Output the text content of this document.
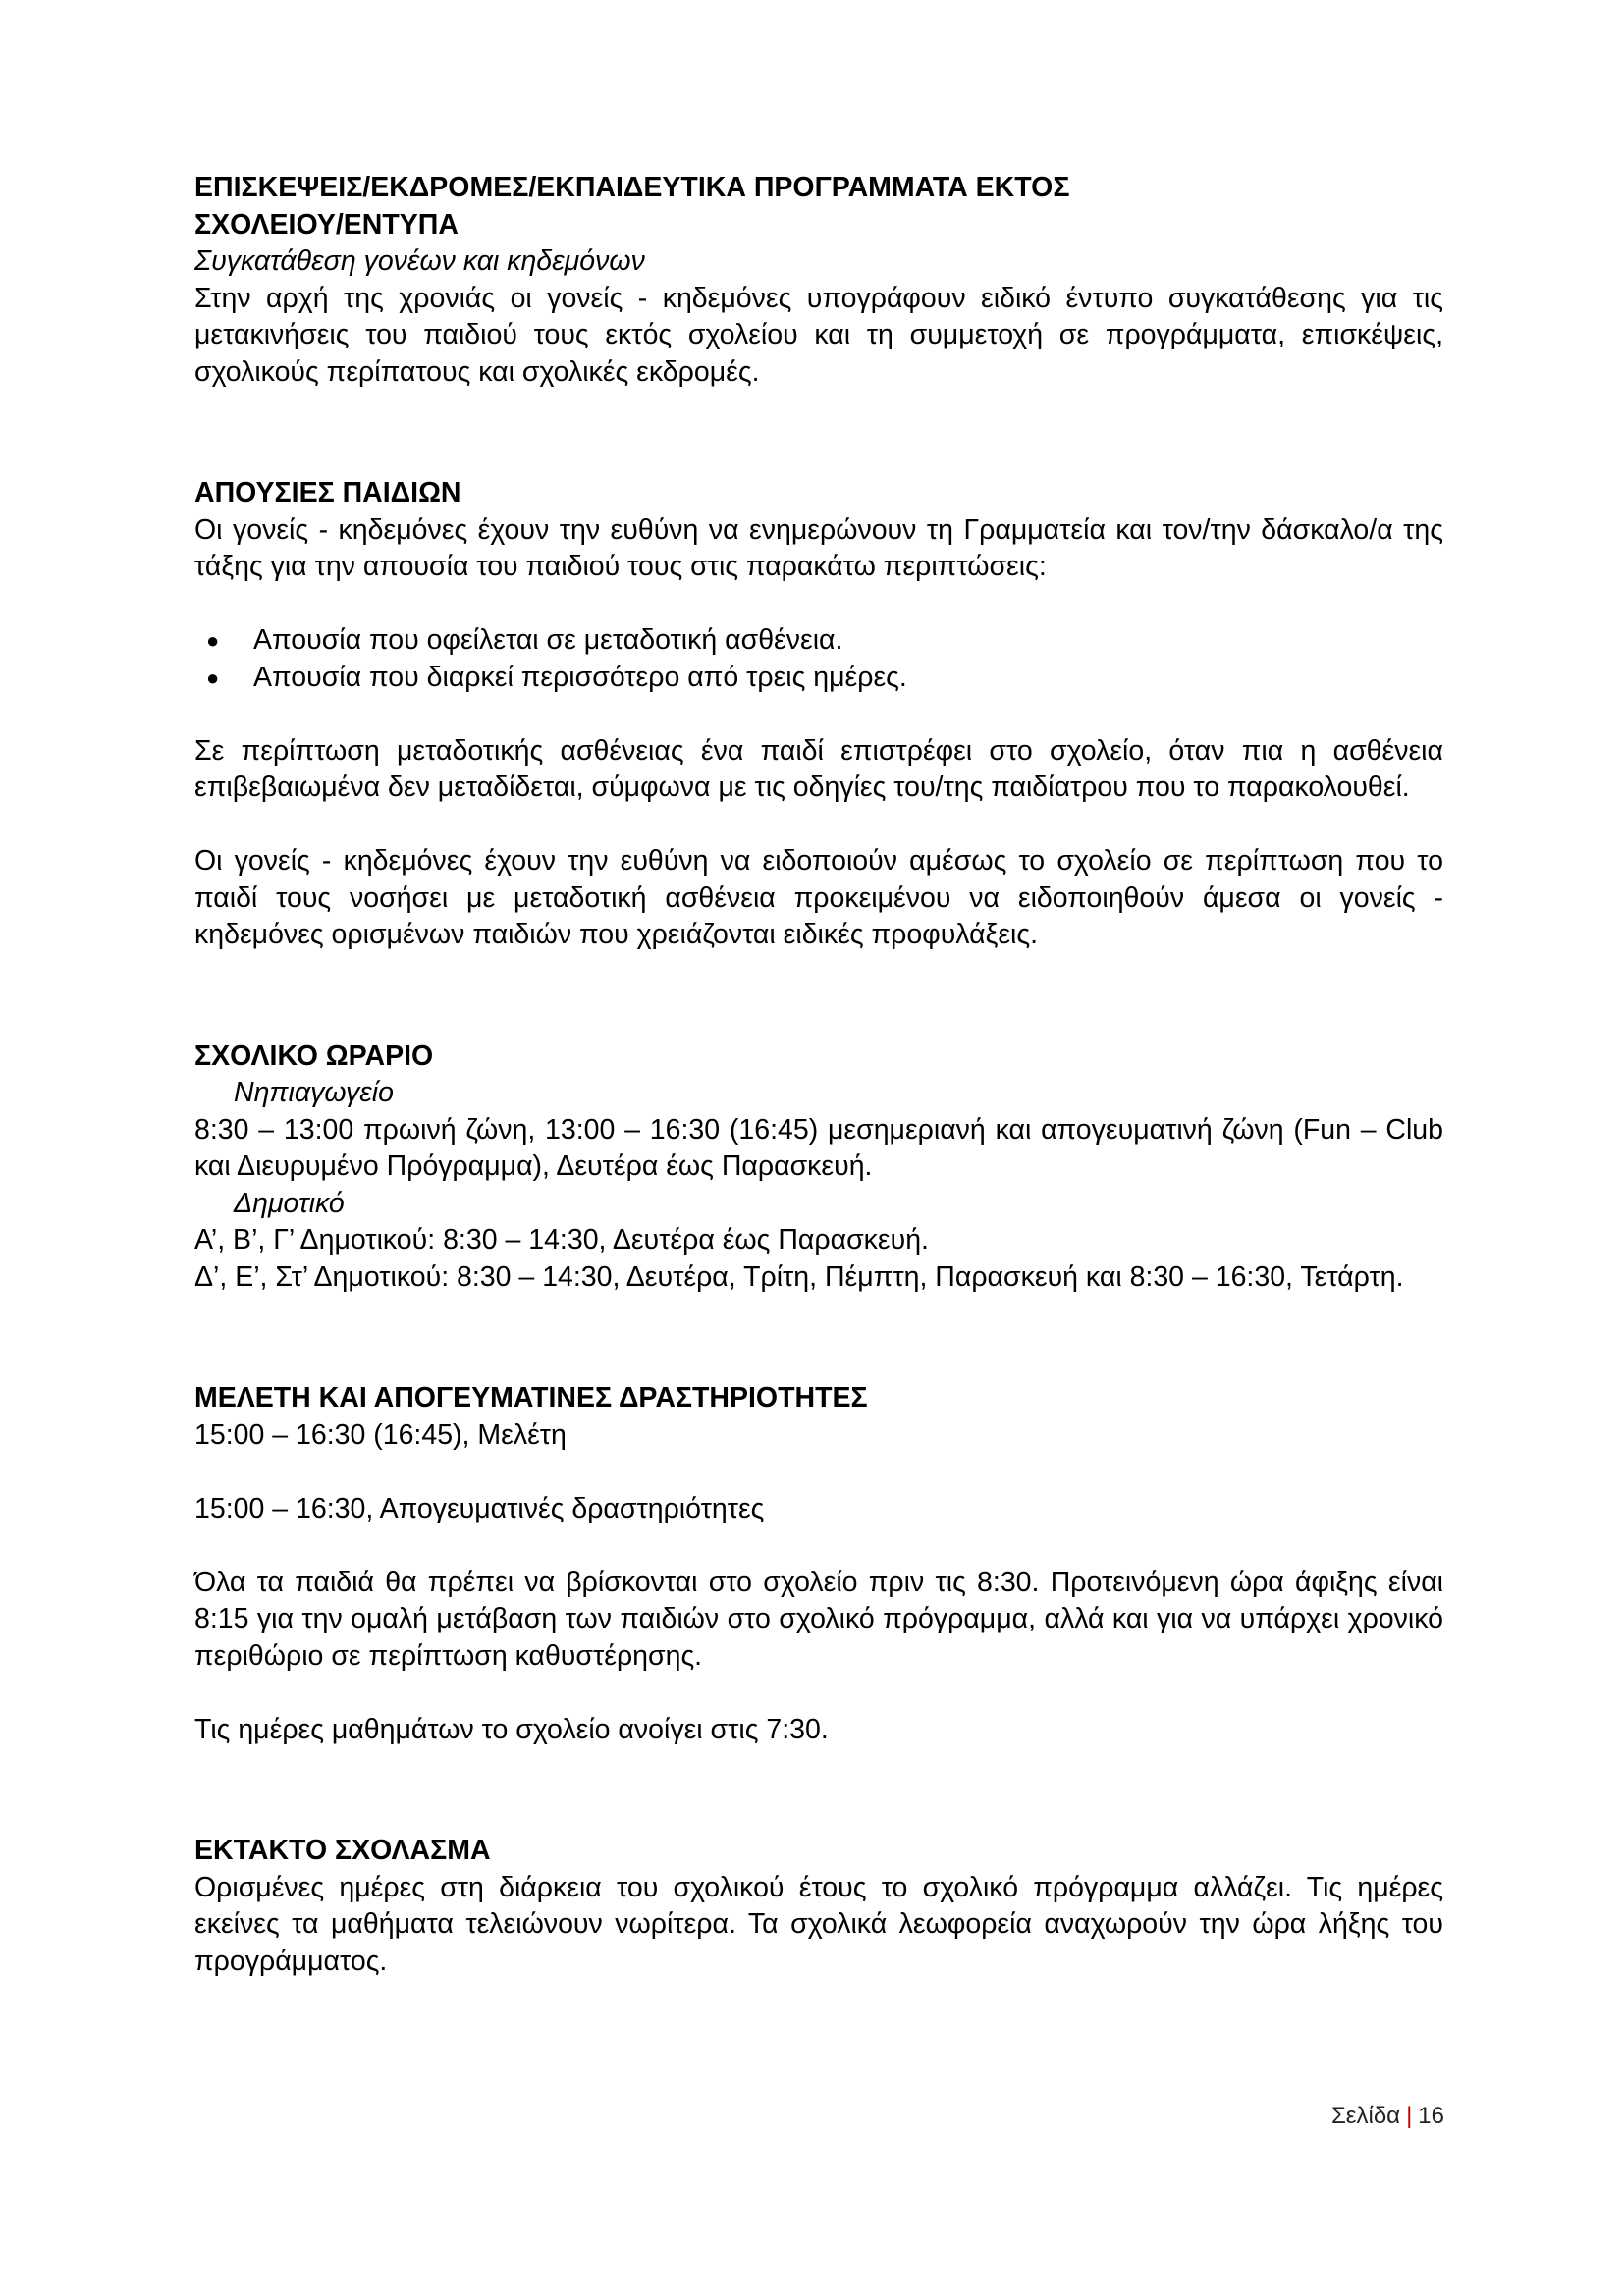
ΕΠΙΣΚΕΨΕΙΣ/ΕΚΔΡΟΜΕΣ/ΕΚΠΑΙΔΕΥΤΙΚΑ ΠΡΟΓΡΑΜΜΑΤΑ ΕΚΤΟΣ
ΣΧΟΛΕΙΟΥ/ΕΝΤΥΠΑ

Συγκατάθεση γονέων και κηδεμόνων

Στην αρχή της χρονιάς οι γονείς - κηδεμόνες υπογράφουν ειδικό έντυπο συγκατάθεσης για τις μετακινήσεις του παιδιού τους εκτός σχολείου και τη συμμετοχή σε προγράμματα, επισκέψεις, σχολικούς περίπατους και σχολικές εκδρομές.

ΑΠΟΥΣΙΕΣ ΠΑΙΔΙΩΝ

Οι γονείς - κηδεμόνες έχουν την ευθύνη να ενημερώνουν τη Γραμματεία και τον/την δάσκαλο/α της τάξης για την απουσία του παιδιού τους στις παρακάτω περιπτώσεις:

● Απουσία που οφείλεται σε μεταδοτική ασθένεια.
● Απουσία που διαρκεί περισσότερο από τρεις ημέρες.

Σε περίπτωση μεταδοτικής ασθένειας ένα παιδί επιστρέφει στο σχολείο, όταν πια η ασθένεια επιβεβαιωμένα δεν μεταδίδεται, σύμφωνα με τις οδηγίες του/της παιδίατρου που το παρακολουθεί.

Οι γονείς - κηδεμόνες έχουν την ευθύνη να ειδοποιούν αμέσως το σχολείο σε περίπτωση που το παιδί τους νοσήσει με μεταδοτική ασθένεια προκειμένου να ειδοποιηθούν άμεσα οι γονείς - κηδεμόνες ορισμένων παιδιών που χρειάζονται ειδικές προφυλάξεις.

ΣΧΟΛΙΚΟ ΩΡΑΡΙΟ

Νηπιαγωγείο

8:30 – 13:00 πρωινή ζώνη, 13:00 – 16:30 (16:45) μεσημεριανή και απογευματινή ζώνη (Fun – Club και Διευρυμένο Πρόγραμμα), Δευτέρα έως Παρασκευή.

Δημοτικό

Α’, Β’, Γ’ Δημοτικού: 8:30 – 14:30, Δευτέρα έως Παρασκευή.

Δ’, Ε’, Στ’ Δημοτικού: 8:30 – 14:30, Δευτέρα, Τρίτη, Πέμπτη, Παρασκευή και 8:30 – 16:30, Τετάρτη.

ΜΕΛΕΤΗ ΚΑΙ ΑΠΟΓΕΥΜΑΤΙΝΕΣ ΔΡΑΣΤΗΡΙΟΤΗΤΕΣ

15:00 – 16:30 (16:45), Μελέτη

15:00 – 16:30, Απογευματινές δραστηριότητες

Όλα τα παιδιά θα πρέπει να βρίσκονται στο σχολείο πριν τις 8:30. Προτεινόμενη ώρα άφιξης είναι 8:15 για την ομαλή μετάβαση των παιδιών στο σχολικό πρόγραμμα, αλλά και για να υπάρχει χρονικό περιθώριο σε περίπτωση καθυστέρησης.

Τις ημέρες μαθημάτων το σχολείο ανοίγει στις 7:30.

ΕΚΤΑΚΤΟ ΣΧΟΛΑΣΜΑ

Ορισμένες ημέρες στη διάρκεια του σχολικού έτους το σχολικό πρόγραμμα αλλάζει. Τις ημέρες εκείνες τα μαθήματα τελειώνουν νωρίτερα. Τα σχολικά λεωφορεία αναχωρούν την ώρα λήξης του προγράμματος.

Σελίδα | 16
